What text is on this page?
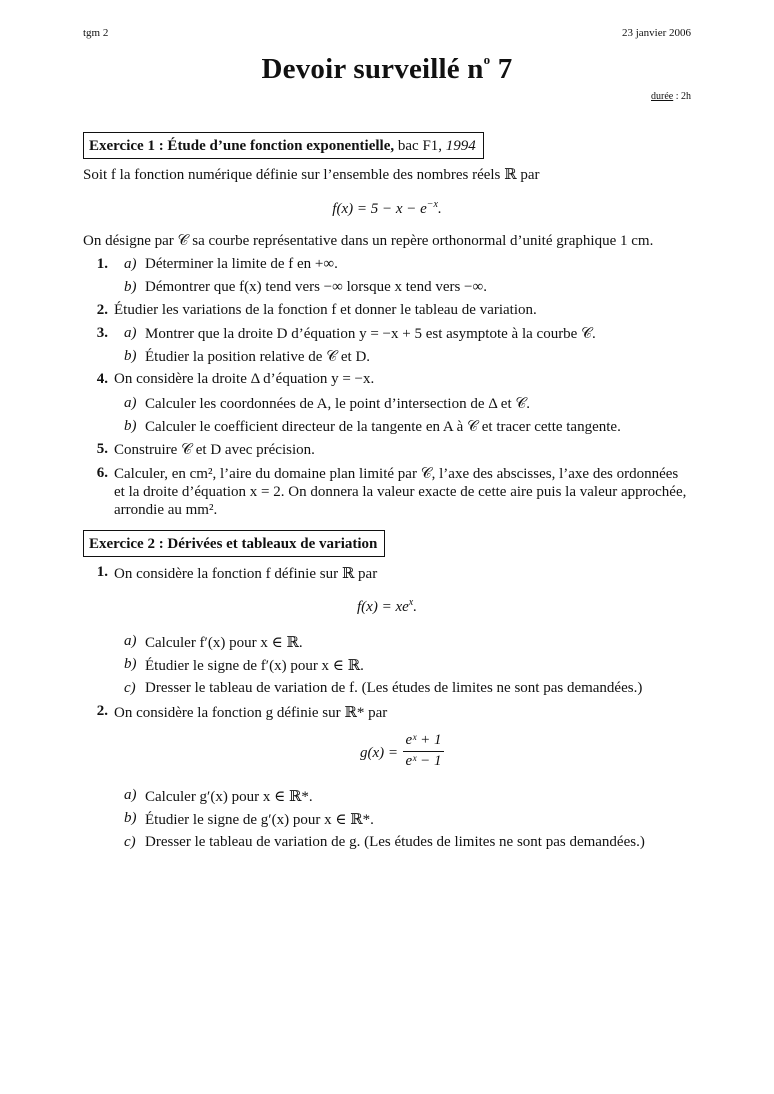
tgm 2	23 janvier 2006
Devoir surveillé $n^o$ 7
durée : 2h
Exercice 1 : Étude d’une fonction exponentielle, bac F1, 1994
Soit f la fonction numérique définie sur l’ensemble des nombres réels ℝ par
$f(x) = 5 - x - e^{-x}$.
On désigne par 𝒞 sa courbe représentative dans un repère orthonormal d’unité graphique 1 cm.
1. a) Déterminer la limite de f en +∞.
b) Démontrer que f(x) tend vers −∞ lorsque x tend vers −∞.
2. Étudier les variations de la fonction f et donner le tableau de variation.
3. a) Montrer que la droite D d’équation y = −x + 5 est asymptote à la courbe 𝒞.
b) Étudier la position relative de 𝒞 et D.
4. On considère la droite Δ d’équation y = −x.
a) Calculer les coordonnées de A, le point d’intersection de Δ et 𝒞.
b) Calculer le coefficient directeur de la tangente en A à 𝒞 et tracer cette tangente.
5. Construire 𝒞 et D avec précision.
6. Calculer, en cm², l’aire du domaine plan limité par 𝒞, l’axe des abscisses, l’axe des ordonnées
et la droite d’équation x = 2. On donnera la valeur exacte de cette aire puis la valeur approchée,
arrondie au mm².
Exercice 2 : Dérivées et tableaux de variation
1. On considère la fonction f définie sur ℝ par
$f(x) = xe^x$.
a) Calculer f′(x) pour x ∈ ℝ.
b) Étudier le signe de f′(x) pour x ∈ ℝ.
c) Dresser le tableau de variation de f. (Les études de limites ne sont pas demandées.)
2. On considère la fonction g définie sur ℝ* par
g(x) =
eˣ + 1
eˣ − 1
a) Calculer g′(x) pour x ∈ ℝ*.
b) Étudier le signe de g′(x) pour x ∈ ℝ*.
c) Dresser le tableau de variation de g. (Les études de limites ne sont pas demandées.)
